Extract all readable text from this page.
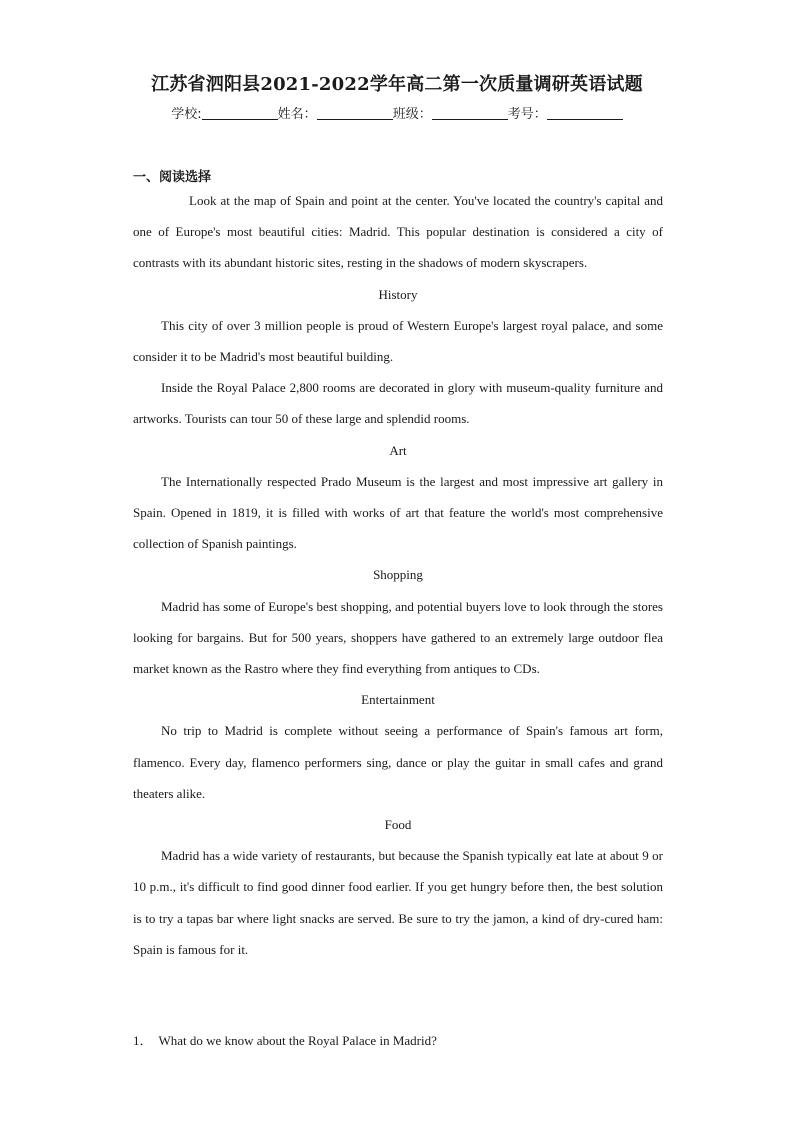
江苏省泗阳县2021-2022学年高二第一次质量调研英语试题
学校:	姓名：	班级：	考号：
一、阅读选择

Look at the map of Spain and point at the center. You've located the country's capital and one of Europe's most beautiful cities: Madrid. This popular destination is considered a city of contrasts with its abundant historic sites, resting in the shadows of modern skyscrapers.

History

This city of over 3 million people is proud of Western Europe's largest royal palace, and some consider it to be Madrid's most beautiful building.

Inside the Royal Palace 2,800 rooms are decorated in glory with museum-quality furniture and artworks. Tourists can tour 50 of these large and splendid rooms.

Art

The Internationally respected Prado Museum is the largest and most impressive art gallery in Spain. Opened in 1819, it is filled with works of art that feature the world's most comprehensive collection of Spanish paintings.

Shopping

Madrid has some of Europe's best shopping, and potential buyers love to look through the stores looking for bargains. But for 500 years, shoppers have gathered to an extremely large outdoor flea market known as the Rastro where they find everything from antiques to CDs.

Entertainment

No trip to Madrid is complete without seeing a performance of Spain's famous art form, flamenco. Every day, flamenco performers sing, dance or play the guitar in small cafes and grand theaters alike.

Food

Madrid has a wide variety of restaurants, but because the Spanish typically eat late at about 9 or 10 p.m., it's difficult to find good dinner food earlier. If you get hungry before then, the best solution is to try a tapas bar where light snacks are served. Be sure to try the jamon, a kind of dry-cured ham: Spain is famous for it.

1． What do we know about the Royal Palace in Madrid?
